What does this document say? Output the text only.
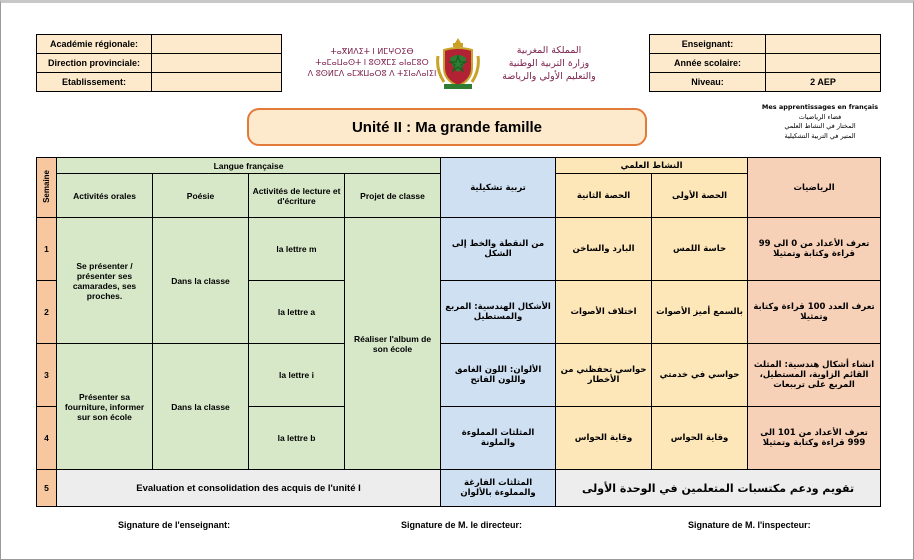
Académie régionale:	
Direction provinciale:	
Etablissement:	
ⵜⴰⴳⵍⴷⵉⵜ ⵏ ⵍⵎⵖⵔⵉⴱ
ⵜⴰⵎⴰⵡⴰⵙⵜ ⵏ ⵓⵙⴳⵎⵉ ⴰⵏⴰⵎⵓⵔ
ⴷ ⵓⵙⵍⵎⴷ ⴰⵎⵣⵡⴰⵔⵓ ⴷ ⵜⵉⵏⴰⴷⴰⵏⵉⵏ
المملكة المغربية
وزارة التربية الوطنية
والتعليم الأولي والرياضة
Enseignant:	
Année scolaire:	
Niveau:	2 AEP
Unité II : Ma grande famille
Mes apprentissages en français
فضاء الرياضيات
المختار في النشاط العلمي
المتير في التربية التشكيلية
Semaine	Langue française				تربية تشكيلية	النشاط العلمي		الرياضيات
	Activités orales	Poésie	Activités de lecture et d'écriture	Projet de classe		الحصة الثانية	الحصة الأولى	
1	Se présenter / présenter ses camarades, ses proches.	Dans la classe	la lettre m	Réaliser l'album de son école	من النقطة والخط إلى الشكل	البارد والساخن	حاسة اللمس	تعرف الأعداد من 0 الى 99 قراءة وكتابة وتمثيلا
2			la lettre a		الأشكال الهندسية: المربع والمستطيل	اختلاف الأصوات	بالسمع أميز الأصوات	تعرف العدد 100 قراءة وكتابة وتمثيلا
3	Présenter sa fourniture, informer sur son école	Dans la classe	la lettre i		الألوان: اللون الغامق واللون الفاتح	حواسي تحفظني من الأخطار	حواسي في خدمتي	انشاء أشكال هندسية: المثلث القائم الزاوية، المستطيل، المربع على ترببعات
4			la lettre b		المثلثات المملوءة والملونة	وقاية الحواس	وقاية الحواس	تعرف الأعداد من 101 الى 999 قراءة وكتابة وتمثيلا
5	Evaluation et consolidation des acquis de l'unité I				المثلثات الفارغة والمملوءة بالألوان	تقويم ودعم مكتسبات المتعلمين في الوحدة الأولى		
Signature de l'enseignant:	Signature de M. le directeur:	Signature de M. l'inspecteur:
